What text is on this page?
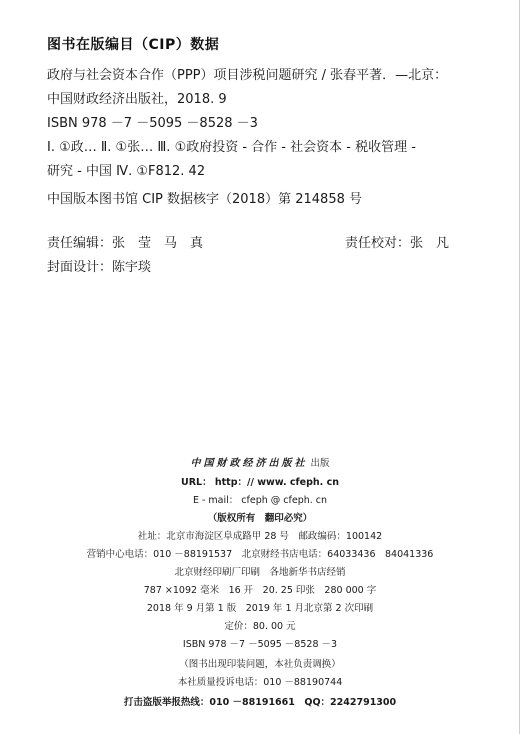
图书在版编目（CIP）数据
政府与社会资本合作（PPP）项目涉税问题研究 / 张春平著．—北京：
中国财政经济出版社，2018. 9
ISBN 978 －7 －5095 －8528 －3
Ⅰ. ①政… Ⅱ. ①张… Ⅲ. ①政府投资 - 合作 - 社会资本 - 税收管理 -
研究 - 中国 Ⅳ. ①F812. 42
中国版本图书馆 CIP 数据核字（2018）第 214858 号
责任编辑：张　莹　马　真	责任校对：张　凡
封面设计：陈宇琰
中国财政经济出版社 出版
URL： http：// www. cfeph. cn
E - mail： cfeph @ cfeph. cn
（版权所有　翻印必究）
社址：北京市海淀区阜成路甲 28 号　邮政编码：100142
营销中心电话：010 －88191537　北京财经书店电话：64033436　84041336
北京财经印刷厂印刷　各地新华书店经销
787 ×1092 毫米　16 开　20. 25 印张　280 000 字
2018 年 9 月第 1 版　2019 年 1 月北京第 2 次印刷
定价：80. 00 元
ISBN 978 －7 －5095 －8528 －3
（图书出现印装问题，本社负责调换）
本社质量投诉电话：010 －88190744
打击盗版举报热线：010 －88191661　QQ：2242791300
